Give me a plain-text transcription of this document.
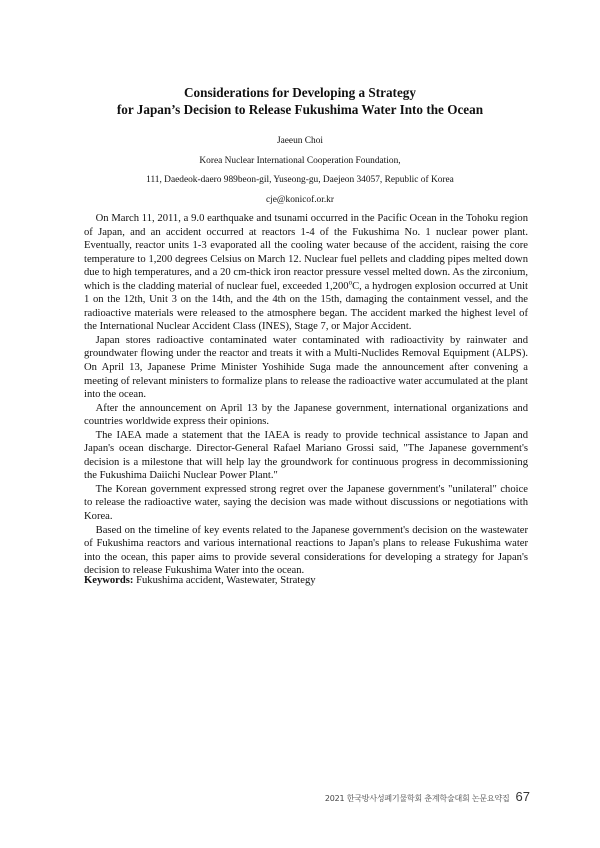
Considerations for Developing a Strategy
for Japan’s Decision to Release Fukushima Water Into the Ocean
Jaeeun Choi
Korea Nuclear International Cooperation Foundation,
111, Daedeok-daero 989beon-gil, Yuseong-gu, Daejeon 34057, Republic of Korea
cje@konicof.or.kr

On March 11, 2011, a 9.0 earthquake and tsunami occurred in the Pacific Ocean in the Tohoku region of Japan, and an accident occurred at reactors 1-4 of the Fukushima No. 1 nuclear power plant. Eventually, reactor units 1-3 evaporated all the cooling water because of the accident, raising the core temperature to 1,200 degrees Celsius on March 12. Nuclear fuel pellets and cladding pipes melted down due to high temperatures, and a 20 cm-thick iron reactor pressure vessel melted down. As the zirconium, which is the cladding material of nuclear fuel, exceeded 1,200$^o$C, a hydrogen explosion occurred at Unit 1 on the 12th, Unit 3 on the 14th, and the 4th on the 15th, damaging the containment vessel, and the radioactive materials were released to the atmosphere began. The accident marked the highest level of the International Nuclear Accident Class (INES), Stage 7, or Major Accident.

Japan stores radioactive contaminated water contaminated with radioactivity by rainwater and groundwater flowing under the reactor and treats it with a Multi-Nuclides Removal Equipment (ALPS). On April 13, Japanese Prime Minister Yoshihide Suga made the announcement after convening a meeting of relevant ministers to formalize plans to release the radioactive water accumulated at the plant into the ocean.

After the announcement on April 13 by the Japanese government, international organizations and countries worldwide express their opinions.

The IAEA made a statement that the IAEA is ready to provide technical assistance to Japan and Japan's ocean discharge. Director-General Rafael Mariano Grossi said, "The Japanese government's decision is a milestone that will help lay the groundwork for continuous progress in decommissioning the Fukushima Daiichi Nuclear Power Plant."

The Korean government expressed strong regret over the Japanese government's "unilateral" choice to release the radioactive water, saying the decision was made without discussions or negotiations with Korea.

Based on the timeline of key events related to the Japanese government's decision on the wastewater of Fukushima reactors and various international reactions to Japan's plans to release Fukushima water into the ocean, this paper aims to provide several considerations for developing a strategy for Japan's decision to release Fukushima Water into the ocean.

Keywords: Fukushima accident, Wastewater, Strategy
2021 한국방사성폐기물학회 춘계학술대회 논문요약집 67
